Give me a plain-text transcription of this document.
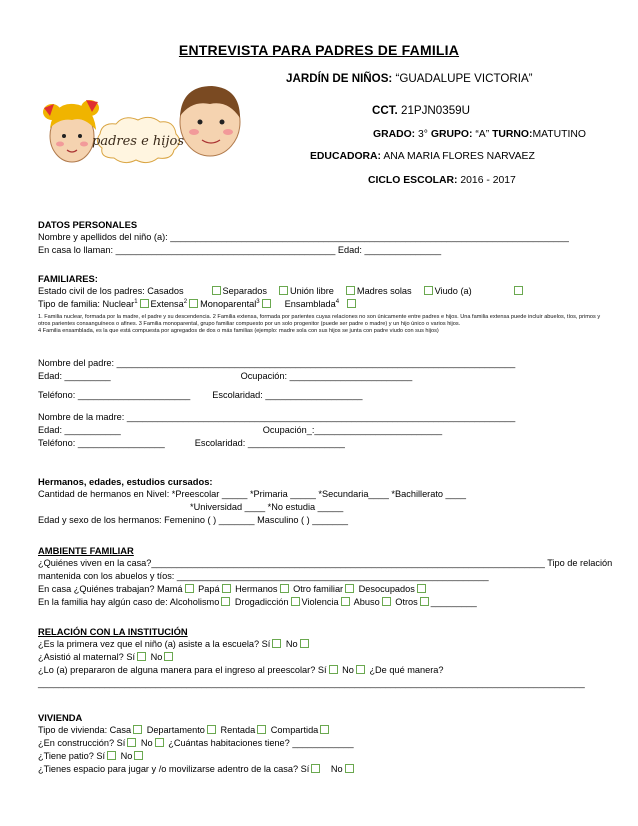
ENTREVISTA PARA PADRES DE FAMILIA
padres e hijos
JARDÍN DE NIÑOS: “GUADALUPE VICTORIA”
CCT. 21PJN0359U
GRADO: 3° GRUPO: “A” TURNO:MATUTINO
EDUCADORA: ANA MARIA FLORES NARVAEZ
CICLO ESCOLAR: 2016 - 2017
DATOS PERSONALES
Nombre y apellidos del niño (a): ______________________________________________________________________________
En casa lo llaman: ___________________________________________ Edad: _______________
FAMILIARES:
Estado civil de los padres: Casados	Separados	Unión libre	Madres solas	Viudo (a)
Tipo de familia: Nuclear$^1$ Extensa$^2$ Monoparental$^3$	Ensamblada$^4$
1. Familia nuclear, formada por la madre, el padre y su descendencia. 2 Familia extensa, formada por parientes cuyas relaciones no son únicamente entre padres e hijos. Una familia extensa puede incluir abuelos, tíos, primos y otros parientes consanguíneos o afines. 3 Familia monoparental, grupo familiar compuesto por un solo progenitor (puede ser padre o madre) y un hijo único o varios hijos.
4 Familia ensamblada, es la que está compuesta por agregados de dos o más familias (ejemplo: madre sola con sus hijos se junta con padre viudo con sus hijos)
Nombre del padre: ______________________________________________________________________________
Edad: _________	Ocupación: ________________________
Teléfono: ______________________ Escolaridad: ___________________
Nombre de la madre: ____________________________________________________________________________
Edad: ___________	Ocupación_:_________________________
Teléfono: _________________	Escolaridad: ___________________
Hermanos, edades, estudios cursados:
Cantidad de hermanos en Nivel: *Preescolar _____ *Primaria _____ *Secundaria____ *Bachillerato ____
*Universidad ____ *No estudia _____
Edad y sexo de los hermanos: Femenino ( ) _______ Masculino ( ) _______
AMBIENTE FAMILIAR
¿Quiénes viven en la casa?_____________________________________________________________________________ Tipo de relación
mantenida con los abuelos y tíos: _____________________________________________________________
En casa ¿Quiénes trabajan? Mamá Papá Hermanos Otro familiar Desocupados
En la familia hay algún caso de: Alcoholismo Drogadicción Violencia Abuso Otros _________
RELACIÓN CON LA INSTITUCIÓN
¿Es la primera vez que el niño (a) asiste a la escuela? Sí No
¿Asistió al maternal? Sí No
¿Lo (a) prepararon de alguna manera para el ingreso al preescolar? Sí No ¿De qué manera?
___________________________________________________________________________________________________________
VIVIENDA
Tipo de vivienda: Casa Departamento Rentada Compartida
¿En construcción? Sí No ¿Cuántas habitaciones tiene? ____________
¿Tiene patio? Sí No
¿Tienes espacio para jugar y /o movilizarse adentro de la casa? Sí No
